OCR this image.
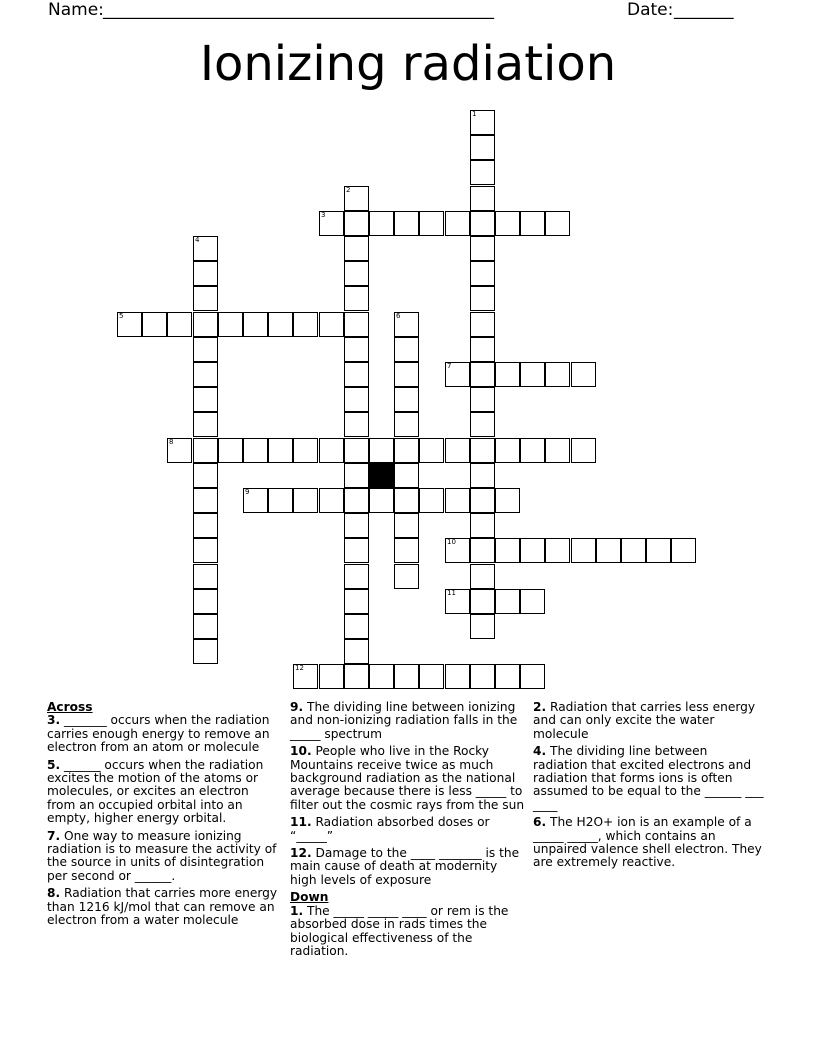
Name: ______________________________________________	Date: _______
Ionizing radiation
1
2
3
4
5	6
7
8
9
10
11
12

Across

3. _______ occurs when the radiation carries enough energy to remove an electron from an atom or molecule

5. ______ occurs when the radiation excites the motion of the atoms or molecules, or excites an electron from an occupied orbital into an empty, higher energy orbital.

7. One way to measure ionizing radiation is to measure the activity of the source in units of disintegration per second or ______.

8. Radiation that carries more energy than 1216 kJ/mol that can remove an electron from a water molecule

9. The dividing line between ionizing and non-ionizing radiation falls in the _____ spectrum

10. People who live in the Rocky Mountains receive twice as much background radiation as the national average because there is less _____ to filter out the cosmic rays from the sun

11. Radiation absorbed doses or “_____”

12. Damage to the ____ _______ is the main cause of death at modernity high levels of exposure

Down

1. The _____ _____ ____ or rem is the absorbed dose in rads times the biological effectiveness of the radiation.

2. Radiation that carries less energy and can only excite the water molecule

4. The dividing line between radiation that excited electrons and radiation that forms ions is often assumed to be equal to the ______ ___ ____

6. The H2O+ ion is an example of a _____ _____, which contains an unpaired valence shell electron. They are extremely reactive.
